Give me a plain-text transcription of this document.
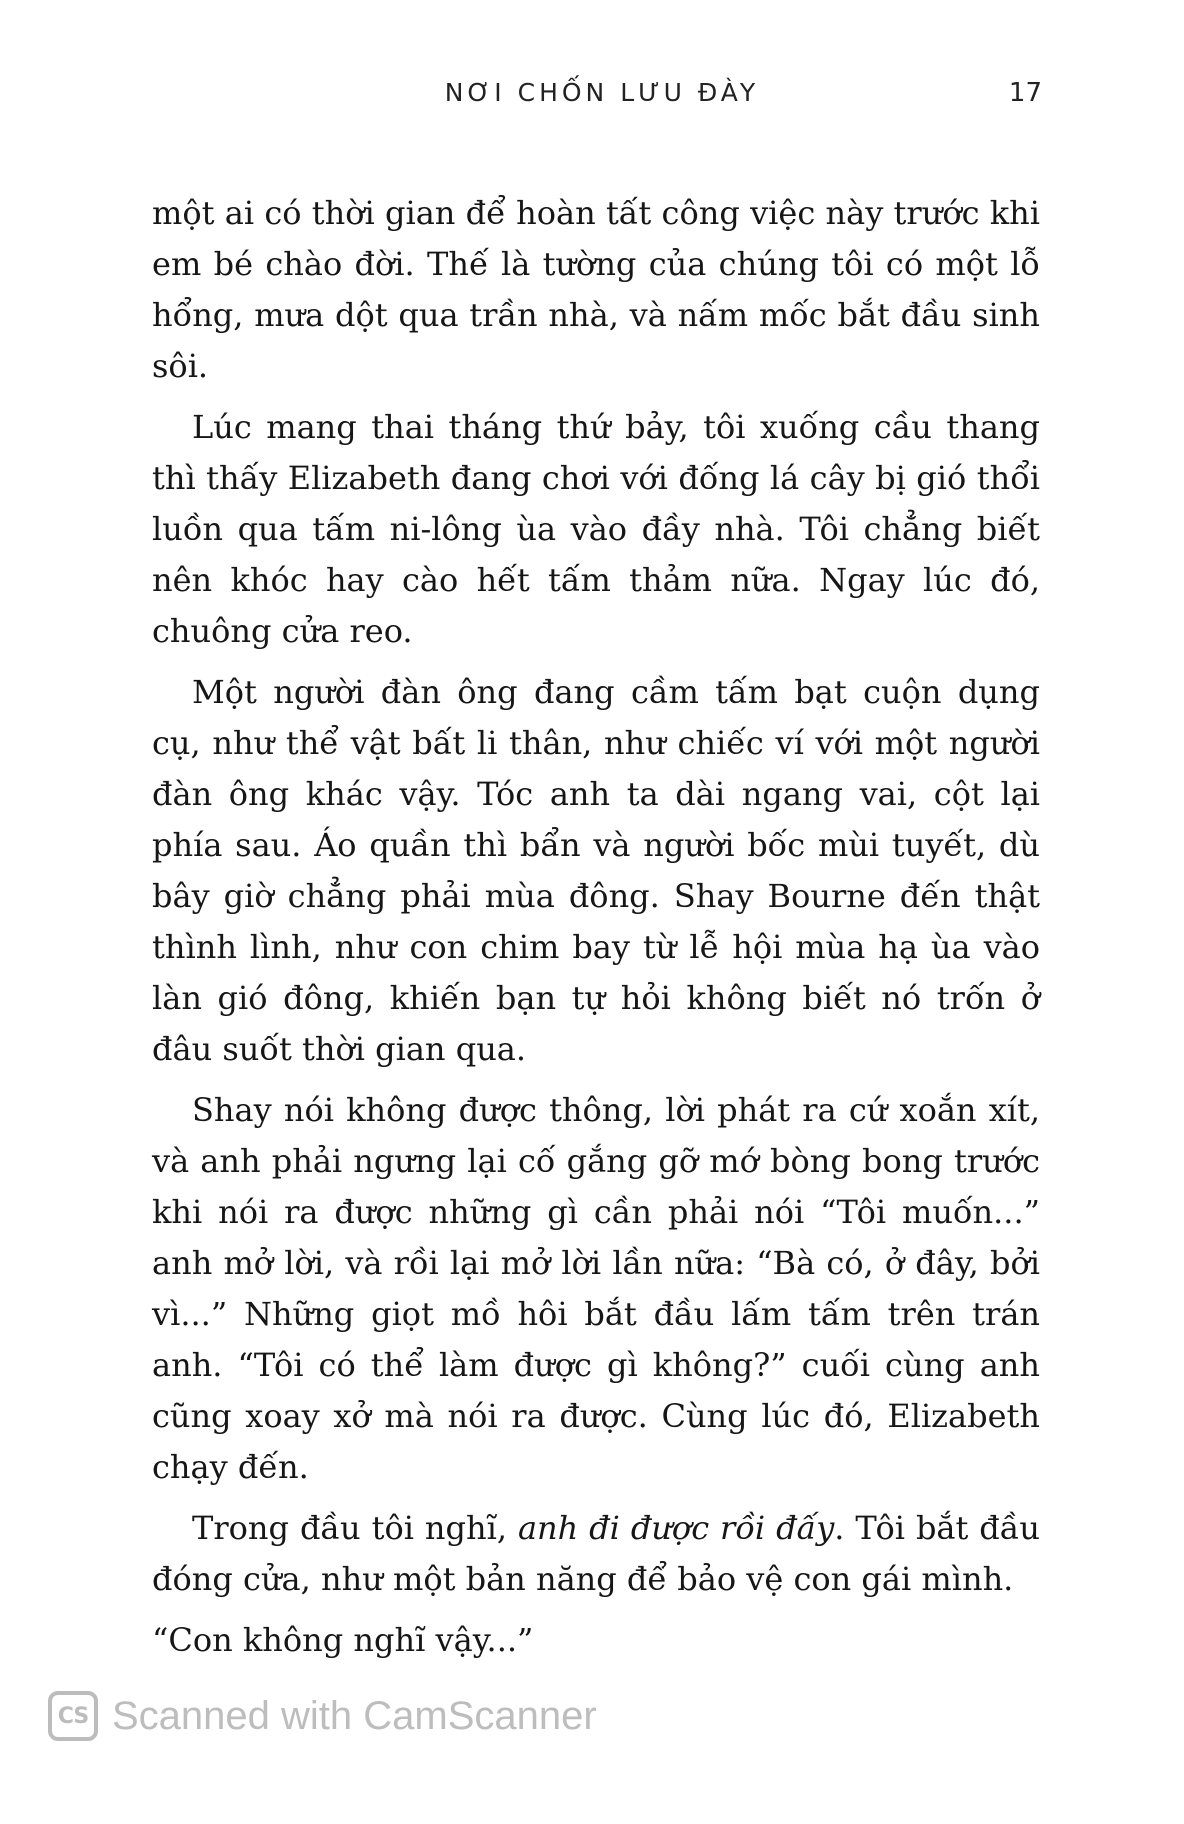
NƠI CHỐN LƯU ĐÀY	17

một ai có thời gian để hoàn tất công việc này trước khi em bé chào đời. Thế là tường của chúng tôi có một lỗ hổng, mưa dột qua trần nhà, và nấm mốc bắt đầu sinh sôi.

Lúc mang thai tháng thứ bảy, tôi xuống cầu thang thì thấy Elizabeth đang chơi với đống lá cây bị gió thổi luồn qua tấm ni-lông ùa vào đầy nhà. Tôi chẳng biết nên khóc hay cào hết tấm thảm nữa. Ngay lúc đó, chuông cửa reo.

Một người đàn ông đang cầm tấm bạt cuộn dụng cụ, như thể vật bất li thân, như chiếc ví với một người đàn ông khác vậy. Tóc anh ta dài ngang vai, cột lại phía sau. Áo quần thì bẩn và người bốc mùi tuyết, dù bây giờ chẳng phải mùa đông. Shay Bourne đến thật thình lình, như con chim bay từ lễ hội mùa hạ ùa vào làn gió đông, khiến bạn tự hỏi không biết nó trốn ở đâu suốt thời gian qua.

Shay nói không được thông, lời phát ra cứ xoắn xít, và anh phải ngưng lại cố gắng gỡ mớ bòng bong trước khi nói ra được những gì cần phải nói “Tôi muốn...” anh mở lời, và rồi lại mở lời lần nữa: “Bà có, ở đây, bởi vì...” Những giọt mồ hôi bắt đầu lấm tấm trên trán anh. “Tôi có thể làm được gì không?” cuối cùng anh cũng xoay xở mà nói ra được. Cùng lúc đó, Elizabeth chạy đến.

Trong đầu tôi nghĩ, anh đi được rồi đấy. Tôi bắt đầu đóng cửa, như một bản năng để bảo vệ con gái mình.

“Con không nghĩ vậy...”

CS Scanned with CamScanner
